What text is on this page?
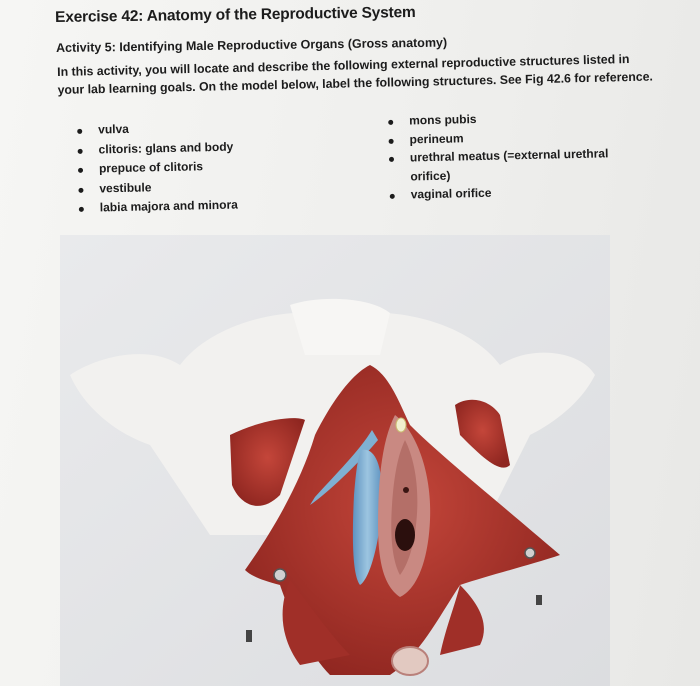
Exercise 42: Anatomy of the Reproductive System
Activity 5: Identifying Male Reproductive Organs (Gross anatomy)
In this activity, you will locate and describe the following external reproductive structures listed in your lab learning goals. On the model below, label the following structures. See Fig 42.6 for reference.
vulva
clitoris: glans and body
prepuce of clitoris
vestibule
labia majora and minora
mons pubis
perineum
urethral meatus (=external urethral orifice)
vaginal orifice
